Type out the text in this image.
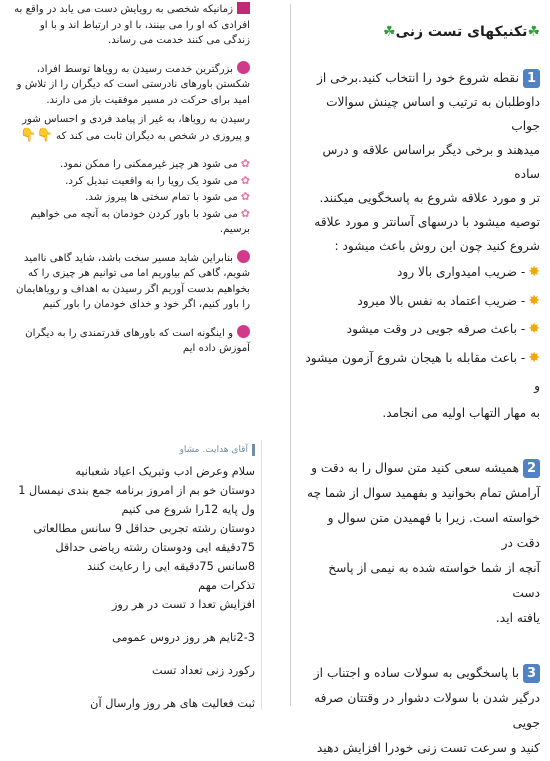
زمانیکه شخصی به رویایش دست می یابد در واقع به افرادی که او را می بینند، با او در ارتباط اند و با او زندگی می کنند خدمت می رساند.

بزرگترین خدمت رسیدن به رویاها توسط افراد، شکستن باورهای نادرستی است که دیگران را از تلاش و امید برای حرکت در مسیر موفقیت باز می دارند.

رسیدن به رویاها، به غیر از پیامد فردی و احساس شور و پیروزی در شخص به دیگران ثابت می کند که 👇👇

✿می شود هر چیز غیرممکنی را ممکن نمود.

✿می شود یک رویا را به واقعیت تبدیل کرد.

✿می شود با تمام سختی ها پیروز شد.

✿می شود با باور کردن خودمان به آنچه می خواهیم برسیم.

بنابراین شاید مسیر سخت باشد، شاید گاهی ناامید شویم، گاهی کم بیاوریم اما می توانیم هر چیزی را که بخواهیم بدست آوریم اگر رسیدن به اهداف و رویاهایمان را باور کنیم، اگر خود و خدای خودمان را باور کنیم

و اینگونه است که باورهای قدرتمندی را به دیگران آموزش داده ایم

آقای هدایت. مشاو

سلام وعرض ادب وتبریک اعیاد شعبانیه

دوستان خو بم از امروز برنامه جمع بندی نیمسال 1

ول پایه 12را شروع می کنیم

دوستان رشته تجربی حداقل 9 سانس مطالعاتی

75دقیقه ایی ودوستان رشته ریاضی حداقل

8سانس 75دقیقه ایی را رعایت کنند

تذکرات مهم

افزایش تعدا د تست در هر روز

2-3تایم هر روز دروس عمومی

رکورد زنی تعداد تست

ثبت فعالیت های هر روز وارسال آن

☘تکنیکهای تست زنی☘

1نقطه شروع خود را انتخاب کنید.برخی از

داوطلبان به ترتیب و اساس چینش سوالات جواب

میدهند و برخی دیگر براساس علاقه و درس ساده

تر و مورد علاقه شروع به پاسخگویی میکنند.

توصیه میشود با درسهای آسانتر و مورد علاقه

شروع کنید چون این روش باعث میشود :

✸- ضریب امیدواری بالا رود

✸- ضریب اعتماد به نفس بالا میرود

✸- باعث صرفه جویی در وقت میشود

✸- باعث مقابله با هیجان شروع آزمون میشود و

به مهار التهاب اولیه می انجامد.

2همیشه سعی کنید متن سوال را به دقت و

آرامش تمام بخوانید و بفهمید سوال از شما چه

خواسته است. زیرا با فهمیدن متن سوال و دقت در

آنچه از شما خواسته شده به نیمی از پاسخ دست

یافته اید.

3با پاسخگویی به سولات ساده و اجتناب از

درگیر شدن با سولات دشوار در وقتتان صرفه جویی

کنید و سرعت تست زنی خودرا افزایش دهید
